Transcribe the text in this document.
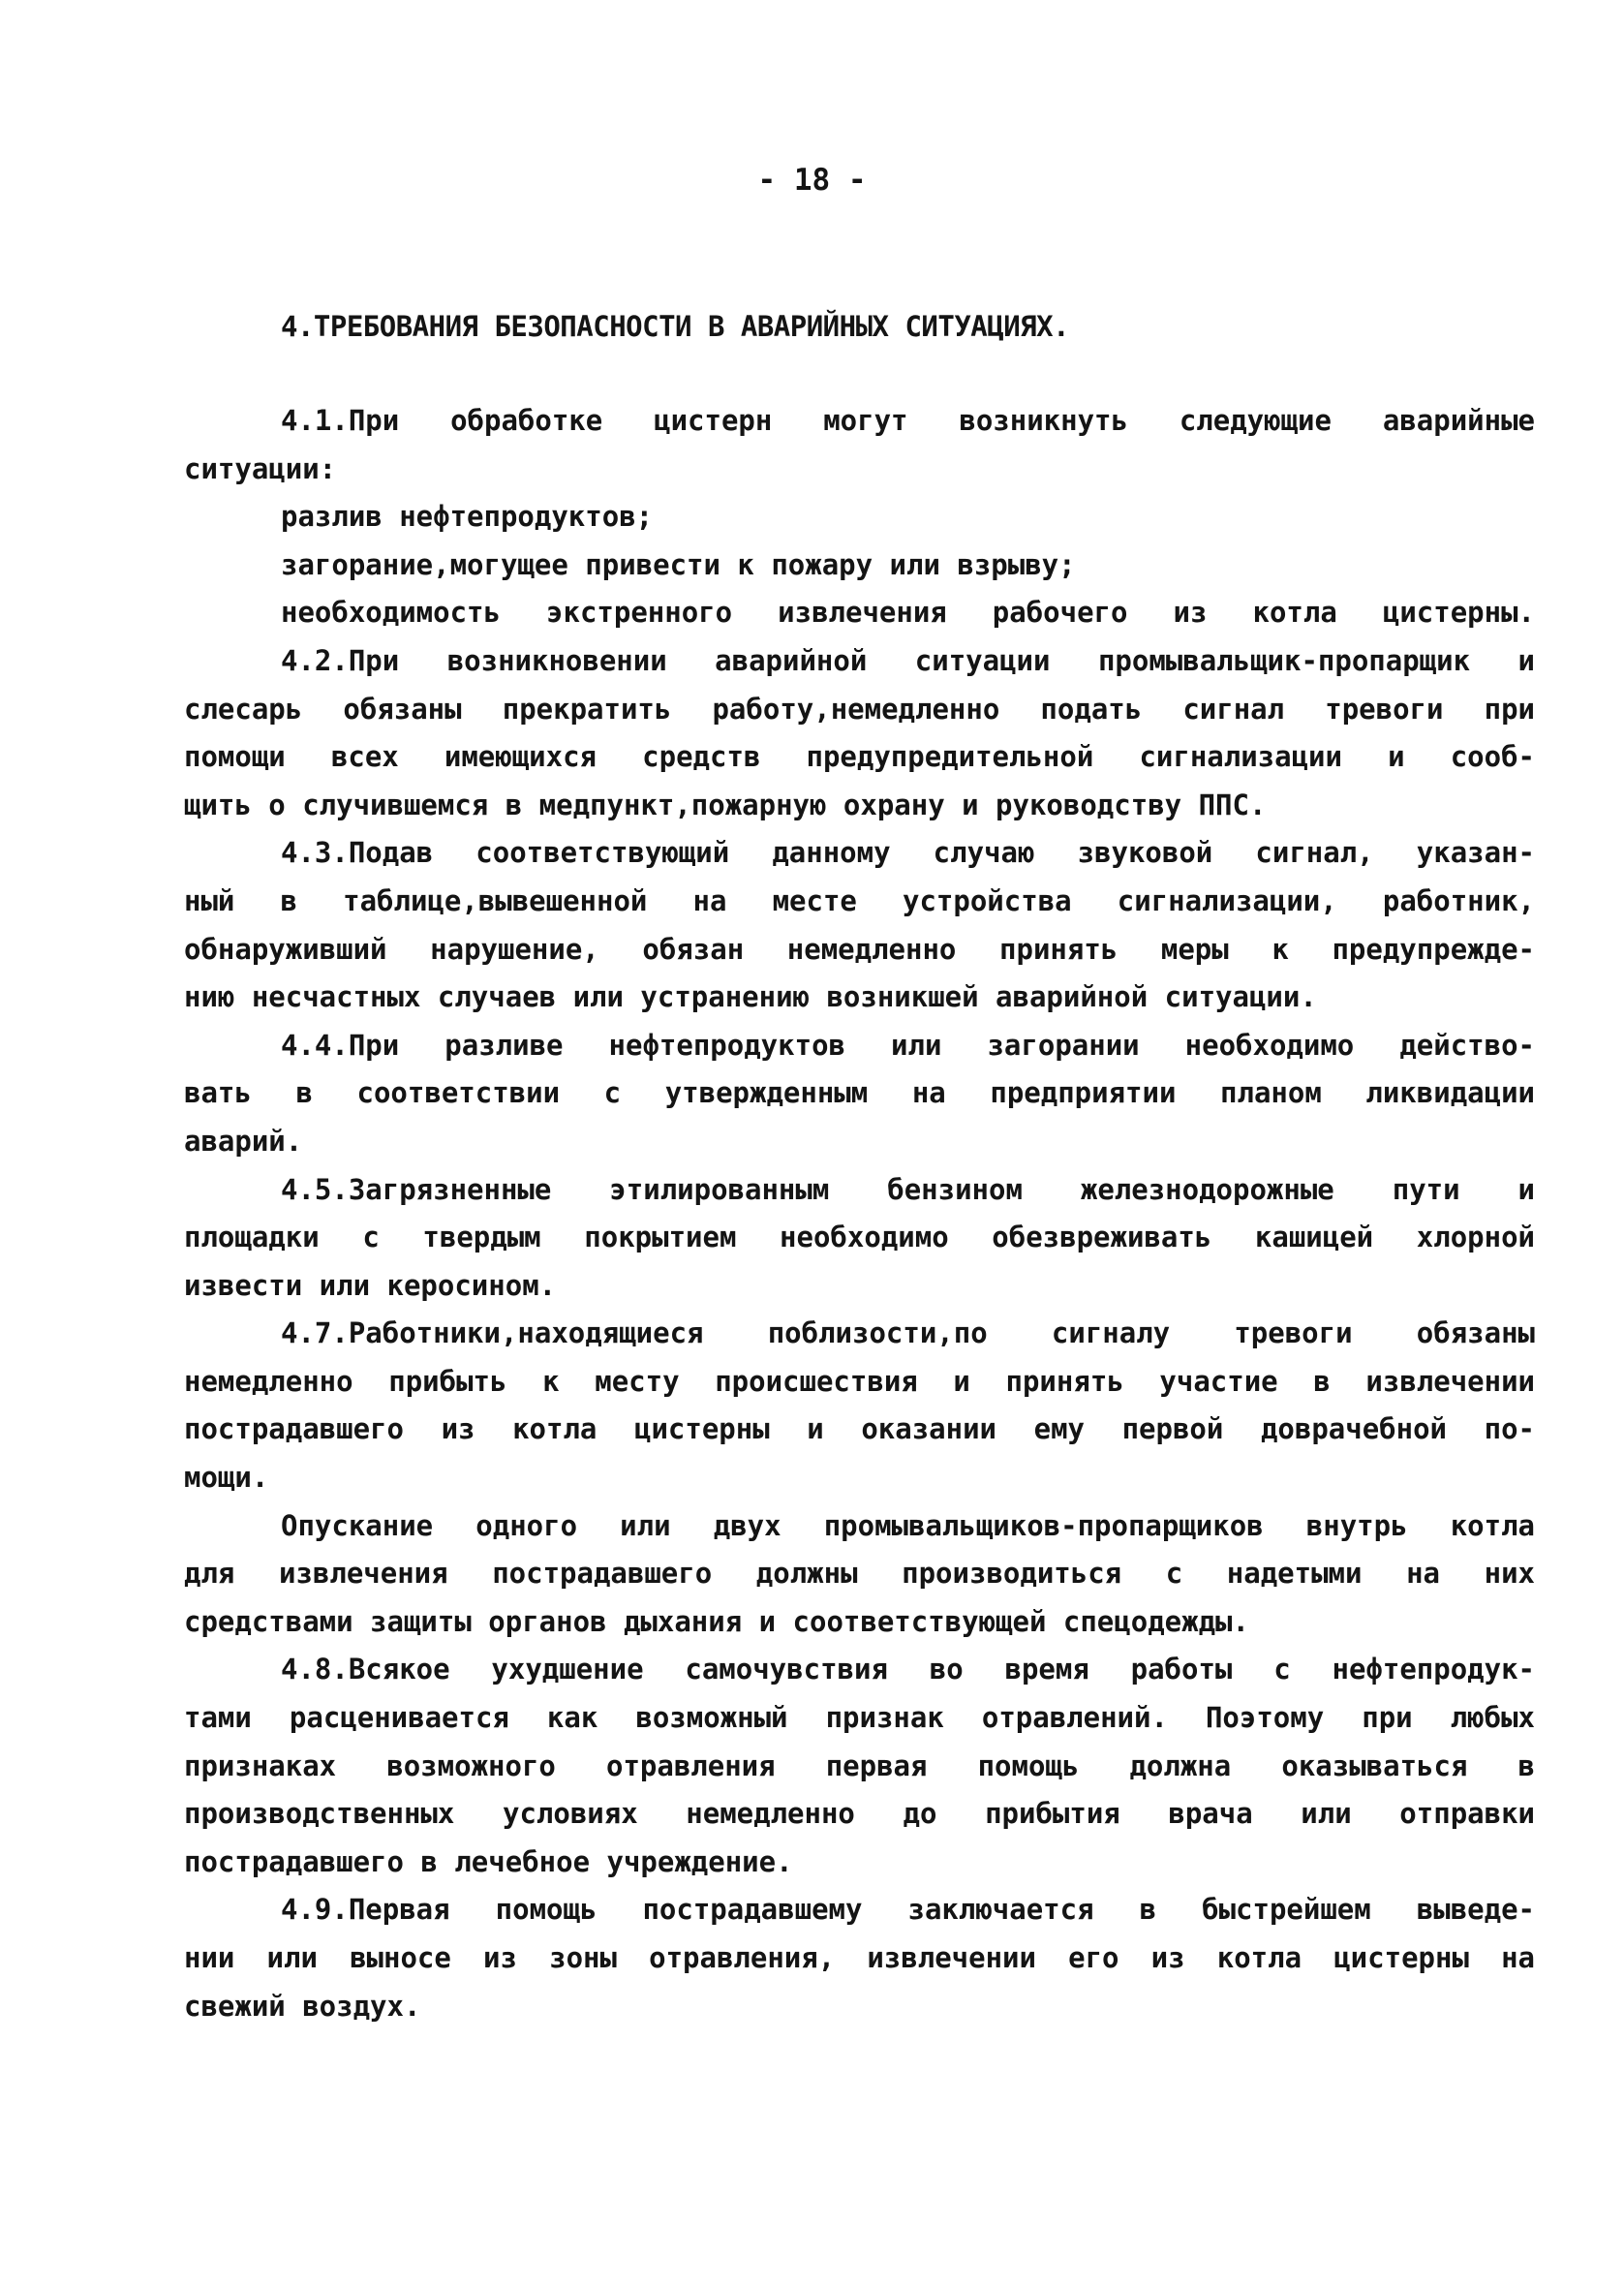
- 18 -
4.ТРЕБОВАНИЯ БЕЗОПАСНОСТИ В АВАРИЙНЫХ СИТУАЦИЯХ.
4.1.При обработке цистерн могут возникнуть следующие аварийные
ситуации:
разлив нефтепродуктов;
загорание,могущее привести к пожару или взрыву;
необходимость экстренного извлечения рабочего из котла цистерны.
4.2.При возникновении аварийной ситуации промывальщик-пропарщик и
слесарь обязаны прекратить работу,немедленно подать сигнал тревоги при
помощи всех имеющихся средств предупредительной сигнализации и сооб-
щить о случившемся в медпункт,пожарную охрану и руководству ППС.
4.3.Подав соответствующий данному случаю звуковой сигнал, указан-
ный в таблице,вывешенной на месте устройства сигнализации, работник,
обнаруживший нарушение, обязан немедленно принять меры к предупрежде-
нию несчастных случаев или устранению возникшей аварийной ситуации.
4.4.При разливе нефтепродуктов или загорании необходимо действо-
вать в соответствии с утвержденным на предприятии планом ликвидации
аварий.
4.5.Загрязненные этилированным бензином железнодорожные пути и
площадки с твердым покрытием необходимо обезвреживать кашицей хлорной
извести или керосином.
4.7.Работники,находящиеся поблизости,по сигналу тревоги обязаны
немедленно прибыть к месту происшествия и принять участие в извлечении
пострадавшего из котла цистерны и оказании ему первой доврачебной по-
мощи.
Опускание одного или двух промывальщиков-пропарщиков внутрь котла
для извлечения пострадавшего должны производиться с надетыми на них
средствами защиты органов дыхания и соответствующей спецодежды.
4.8.Всякое ухудшение самочувствия во время работы с нефтепродук-
тами расценивается как возможный признак отравлений. Поэтому при любых
признаках возможного отравления первая помощь должна оказываться в
производственных условиях немедленно до прибытия врача или отправки
пострадавшего в лечебное учреждение.
4.9.Первая помощь пострадавшему заключается в быстрейшем выведе-
нии или выносе из зоны отравления, извлечении его из котла цистерны на
свежий воздух.
